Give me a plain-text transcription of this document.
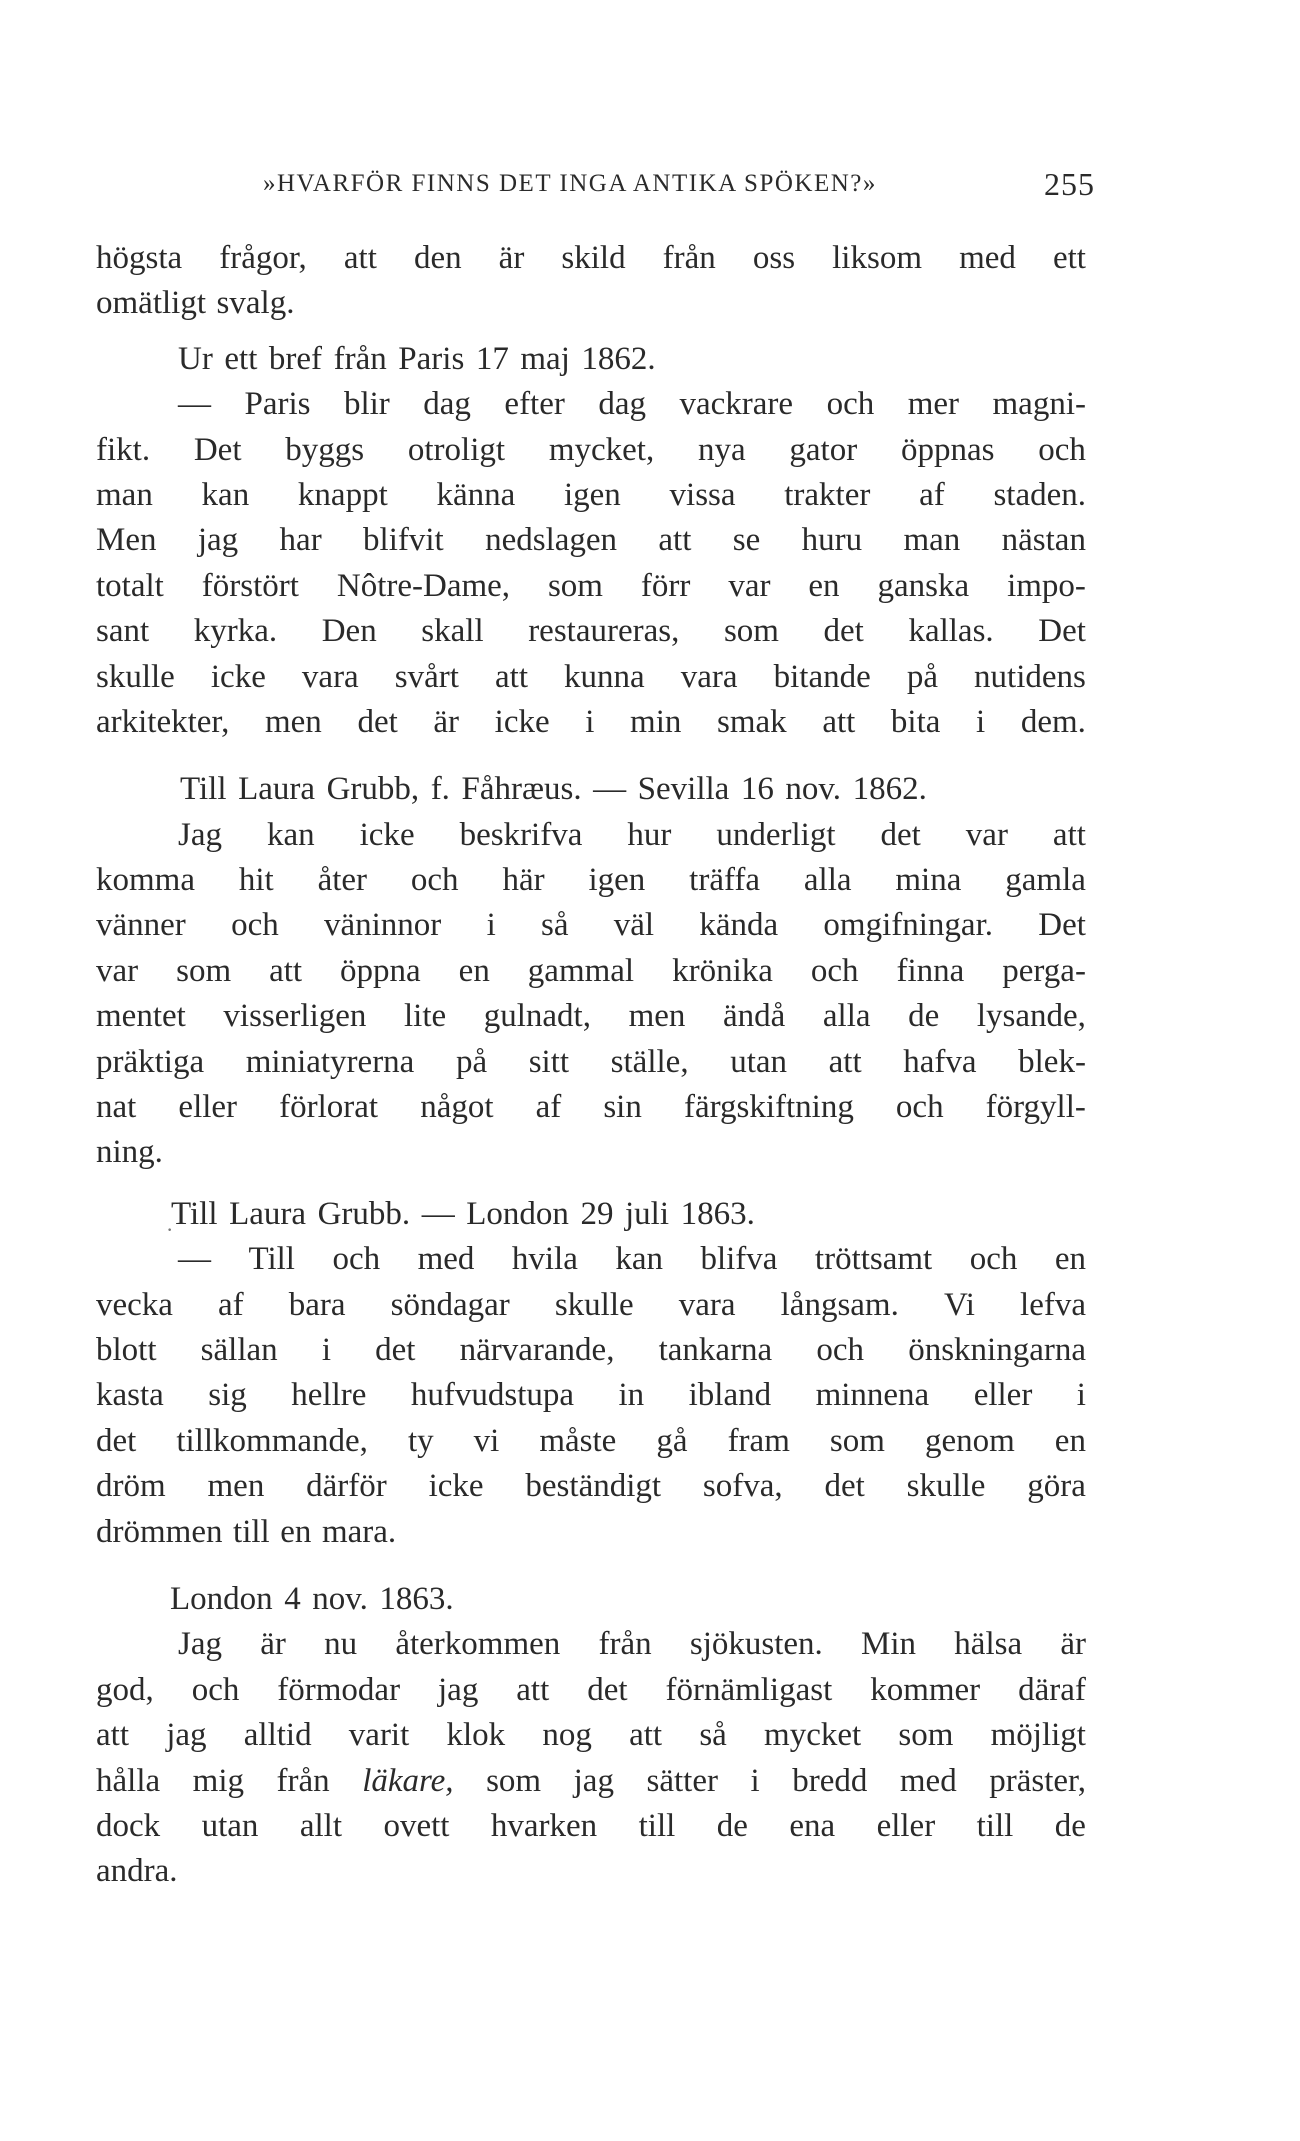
»HVARFÖR FINNS DET INGA ANTIKA SPÖKEN?»	255
·
högsta frågor, att den är skild från oss liksom med ett
omätligt svalg.
Ur ett bref från Paris 17 maj 1862.
— Paris blir dag efter dag vackrare och mer magni-
fikt. Det byggs otroligt mycket, nya gator öppnas och
man kan knappt känna igen vissa trakter af staden.
Men jag har blifvit nedslagen att se huru man nästan
totalt förstört Nôtre-Dame, som förr var en ganska impo-
sant kyrka. Den skall restaureras, som det kallas. Det
skulle icke vara svårt att kunna vara bitande på nutidens
arkitekter, men det är icke i min smak att bita i dem.
Till Laura Grubb, f. Fåhræus. — Sevilla 16 nov. 1862.
Jag kan icke beskrifva hur underligt det var att
komma hit åter och här igen träffa alla mina gamla
vänner och väninnor i så väl kända omgifningar. Det
var som att öppna en gammal krönika och finna perga-
mentet visserligen lite gulnadt, men ändå alla de lysande,
präktiga miniatyrerna på sitt ställe, utan att hafva blek-
nat eller förlorat något af sin färgskiftning och förgyll-
ning.
Till Laura Grubb. — London 29 juli 1863.
— Till och med hvila kan blifva tröttsamt och en
vecka af bara söndagar skulle vara långsam. Vi lefva
blott sällan i det närvarande, tankarna och önskningarna
kasta sig hellre hufvudstupa in ibland minnena eller i
det tillkommande, ty vi måste gå fram som genom en
dröm men därför icke beständigt sofva, det skulle göra
drömmen till en mara.
London 4 nov. 1863.
Jag är nu återkommen från sjökusten. Min hälsa är
god, och förmodar jag att det förnämligast kommer däraf
att jag alltid varit klok nog att så mycket som möjligt
hålla mig från läkare, som jag sätter i bredd med präster,
dock utan allt ovett hvarken till de ena eller till de
andra.
